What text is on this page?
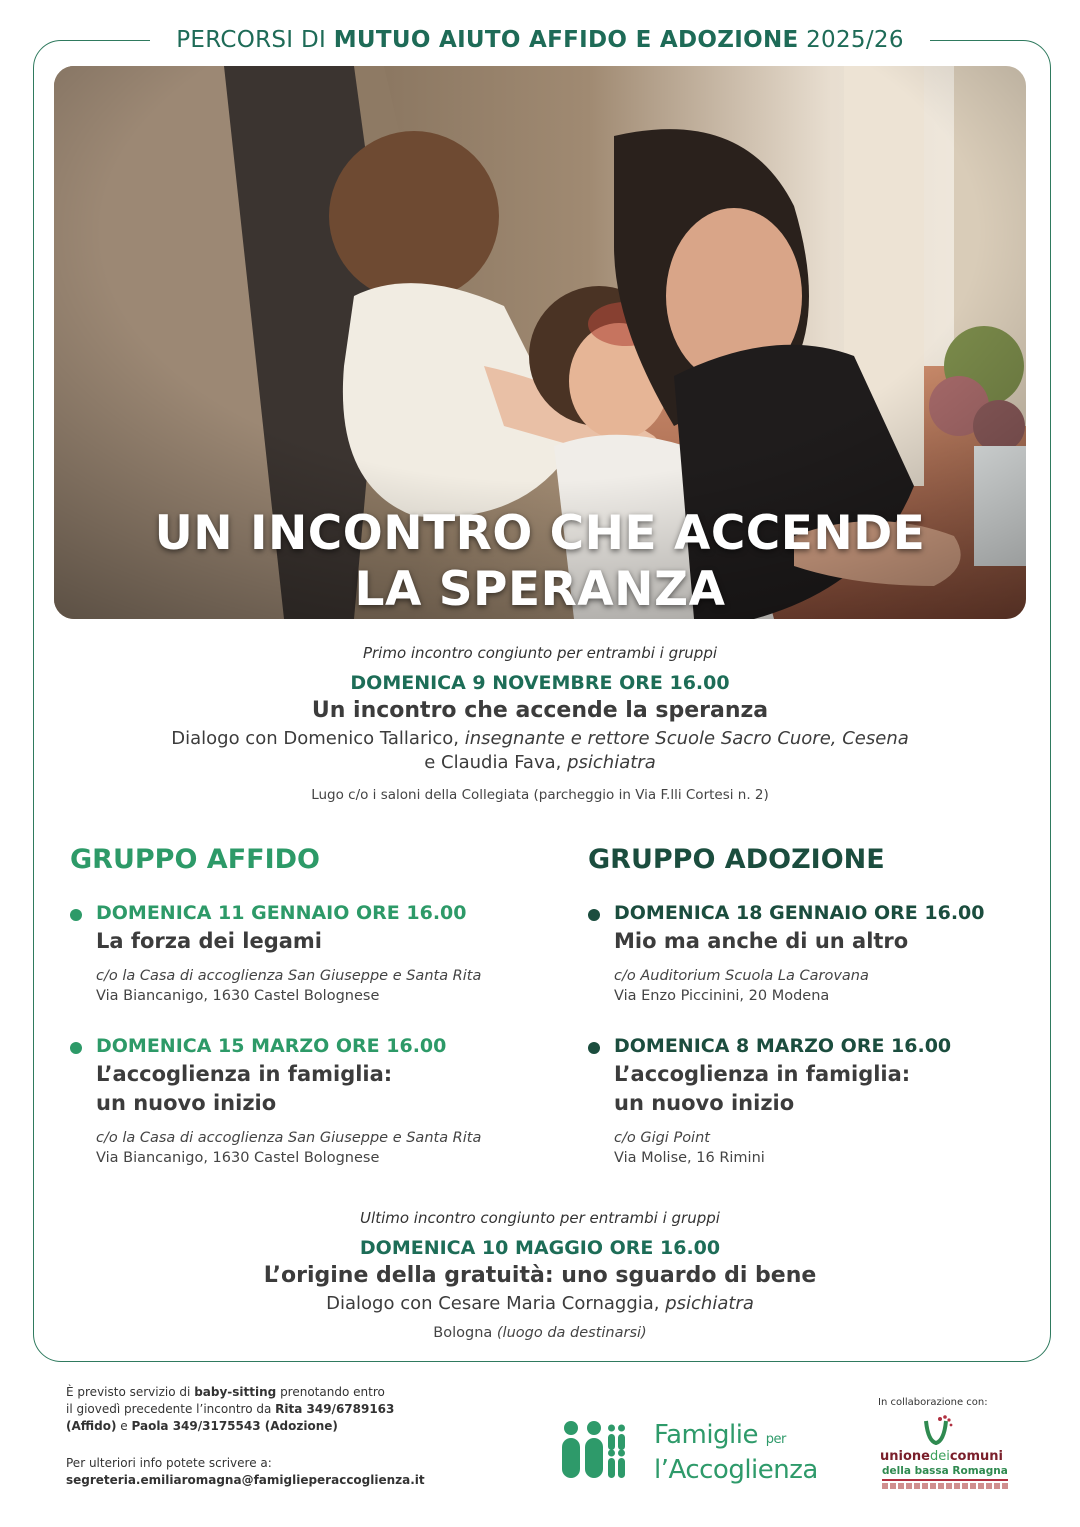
PERCORSI DI MUTUO AIUTO AFFIDO E ADOZIONE 2025/26
UN INCONTRO CHE ACCENDE
LA SPERANZA
Primo incontro congiunto per entrambi i gruppi
DOMENICA 9 NOVEMBRE ORE 16.00
Un incontro che accende la speranza
Dialogo con Domenico Tallarico, insegnante e rettore Scuole Sacro Cuore, Cesena
e Claudia Fava, psichiatra
Lugo c/o i saloni della Collegiata (parcheggio in Via F.lli Cortesi n. 2)
GRUPPO AFFIDO
DOMENICA 11 GENNAIO ORE 16.00
La forza dei legami
c/o la Casa di accoglienza San Giuseppe e Santa Rita
Via Biancanigo, 1630 Castel Bolognese
DOMENICA 15 MARZO ORE 16.00
L’accoglienza in famiglia:
un nuovo inizio
c/o la Casa di accoglienza San Giuseppe e Santa Rita
Via Biancanigo, 1630 Castel Bolognese
GRUPPO ADOZIONE
DOMENICA 18 GENNAIO ORE 16.00
Mio ma anche di un altro
c/o Auditorium Scuola La Carovana
Via Enzo Piccinini, 20 Modena
DOMENICA 8 MARZO ORE 16.00
L’accoglienza in famiglia:
un nuovo inizio
c/o Gigi Point
Via Molise, 16 Rimini
Ultimo incontro congiunto per entrambi i gruppi
DOMENICA 10 MAGGIO ORE 16.00
L’origine della gratuità: uno sguardo di bene
Dialogo con Cesare Maria Cornaggia, psichiatra
Bologna (luogo da destinarsi)
È previsto servizio di baby-sitting prenotando entro
il giovedì precedente l’incontro da Rita 349/6789163
(Affido) e Paola 349/3175543 (Adozione)
Per ulteriori info potete scrivere a:
segreteria.emiliaromagna@famiglieperaccoglienza.it
Famiglie per
l’Accoglienza
In collaborazione con:
unionedeicomuni
della bassa Romagna
